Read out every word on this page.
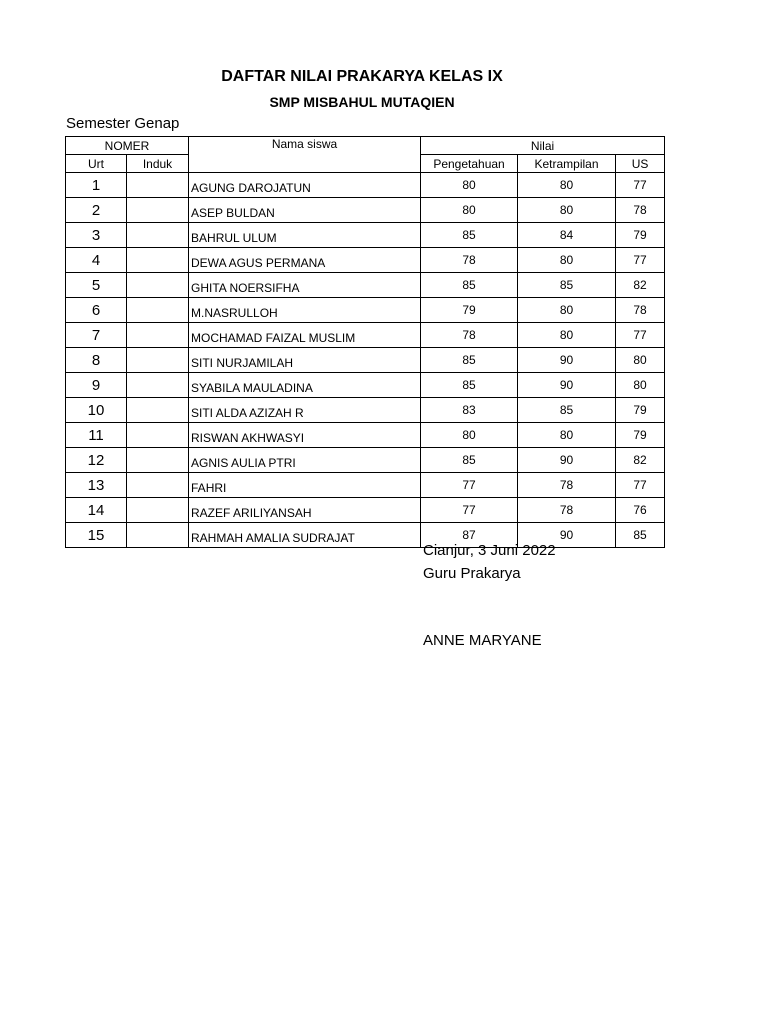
DAFTAR NILAI PRAKARYA KELAS IX
SMP MISBAHUL MUTAQIEN
Semester Genap
NOMER		Nama siswa	Nilai		
Urt	Induk		Pengetahuan	Ketrampilan	US
1		AGUNG DAROJATUN	80	80	77
2		ASEP BULDAN	80	80	78
3		BAHRUL ULUM	85	84	79
4		DEWA AGUS PERMANA	78	80	77
5		GHITA NOERSIFHA	85	85	82
6		M.NASRULLOH	79	80	78
7		MOCHAMAD FAIZAL MUSLIM	78	80	77
8		SITI NURJAMILAH	85	90	80
9		SYABILA MAULADINA	85	90	80
10		SITI ALDA AZIZAH R	83	85	79
11		RISWAN AKHWASYI	80	80	79
12		AGNIS AULIA PTRI	85	90	82
13		FAHRI	77	78	77
14		RAZEF ARILIYANSAH	77	78	76
15		RAHMAH AMALIA SUDRAJAT	87	90	85
Cianjur, 3 Juni 2022
Guru Prakarya
ANNE MARYANE
